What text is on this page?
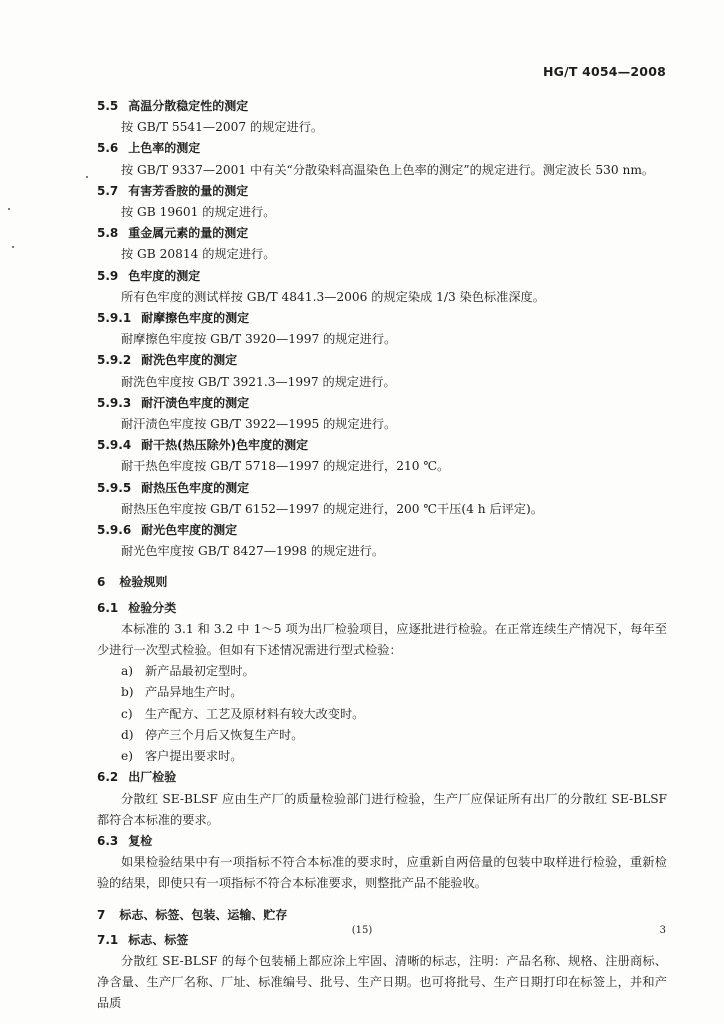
HG/T 4054—2008
5.5 高温分散稳定性的测定
按 GB/T 5541—2007 的规定进行。
5.6 上色率的测定
按 GB/T 9337—2001 中有关“分散染料高温染色上色率的测定”的规定进行。测定波长 530 nm。
5.7 有害芳香胺的量的测定
按 GB 19601 的规定进行。
5.8 重金属元素的量的测定
按 GB 20814 的规定进行。
5.9 色牢度的测定
所有色牢度的测试样按 GB/T 4841.3—2006 的规定染成 1/3 染色标准深度。
5.9.1 耐摩擦色牢度的测定
耐摩擦色牢度按 GB/T 3920—1997 的规定进行。
5.9.2 耐洗色牢度的测定
耐洗色牢度按 GB/T 3921.3—1997 的规定进行。
5.9.3 耐汗渍色牢度的测定
耐汗渍色牢度按 GB/T 3922—1995 的规定进行。
5.9.4 耐干热(热压除外)色牢度的测定
耐干热色牢度按 GB/T 5718—1997 的规定进行，210 ℃。
5.9.5 耐热压色牢度的测定
耐热压色牢度按 GB/T 6152—1997 的规定进行，200 ℃干压(4 h 后评定)。
5.9.6 耐光色牢度的测定
耐光色牢度按 GB/T 8427—1998 的规定进行。
6 检验规则
6.1 检验分类
本标准的 3.1 和 3.2 中 1～5 项为出厂检验项目，应逐批进行检验。在正常连续生产情况下，每年至少进行一次型式检验。但如有下述情况需进行型式检验：
a) 新产品最初定型时。
b) 产品异地生产时。
c) 生产配方、工艺及原材料有较大改变时。
d) 停产三个月后又恢复生产时。
e) 客户提出要求时。
6.2 出厂检验
分散红 SE-BLSF 应由生产厂的质量检验部门进行检验，生产厂应保证所有出厂的分散红 SE-BLSF 都符合本标准的要求。
6.3 复检
如果检验结果中有一项指标不符合本标准的要求时，应重新自两倍量的包装中取样进行检验，重新检验的结果，即使只有一项指标不符合本标准要求，则整批产品不能验收。
7 标志、标签、包装、运输、贮存
7.1 标志、标签
分散红 SE-BLSF 的每个包装桶上都应涂上牢固、清晰的标志，注明：产品名称、规格、注册商标、净含量、生产厂名称、厂址、标准编号、批号、生产日期。也可将批号、生产日期打印在标签上，并和产品质
(15)	3
